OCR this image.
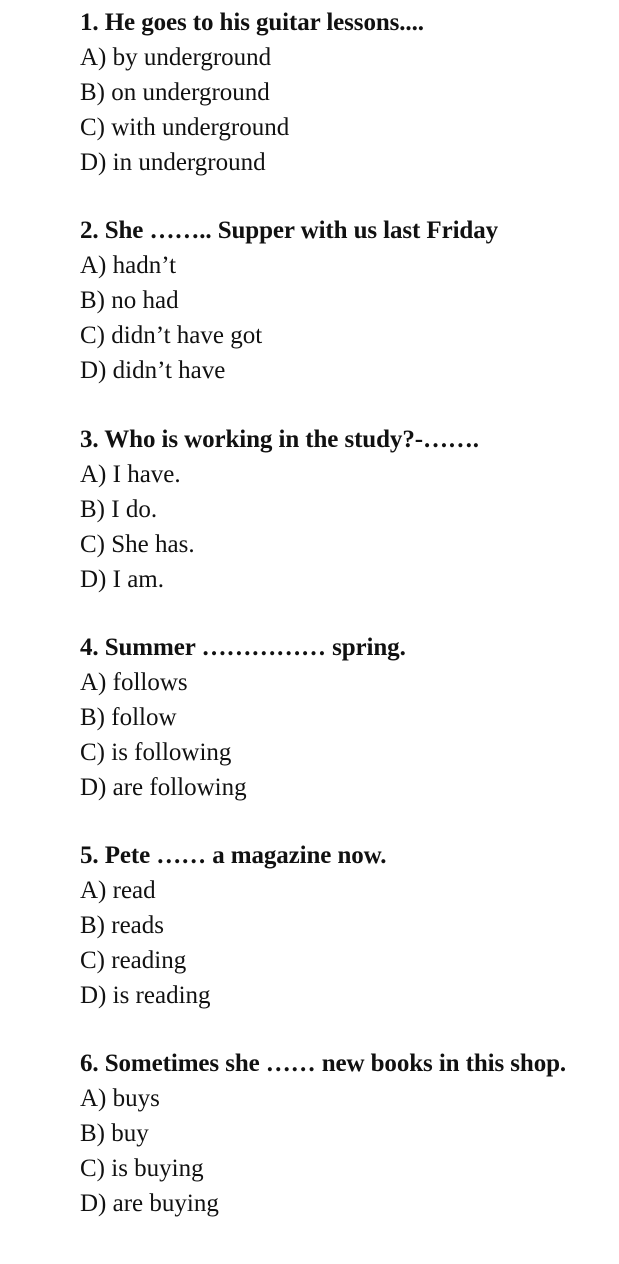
1. He goes to his guitar lessons....
A) by underground
B) on underground
C) with underground
D) in underground
2. She …….. Supper with us last Friday
A) hadn’t
B) no had
C) didn’t have got
D) didn’t have
3. Who is working in the study?-…….
A) I have.
B) I do.
C) She has.
D) I am.
4. Summer …………… spring.
A) follows
B) follow
C) is following
D) are following
5. Pete …… a magazine now.
A) read
B) reads
C) reading
D) is reading
6. Sometimes she …… new books in this shop.
A) buys
B) buy
C) is buying
D) are buying
